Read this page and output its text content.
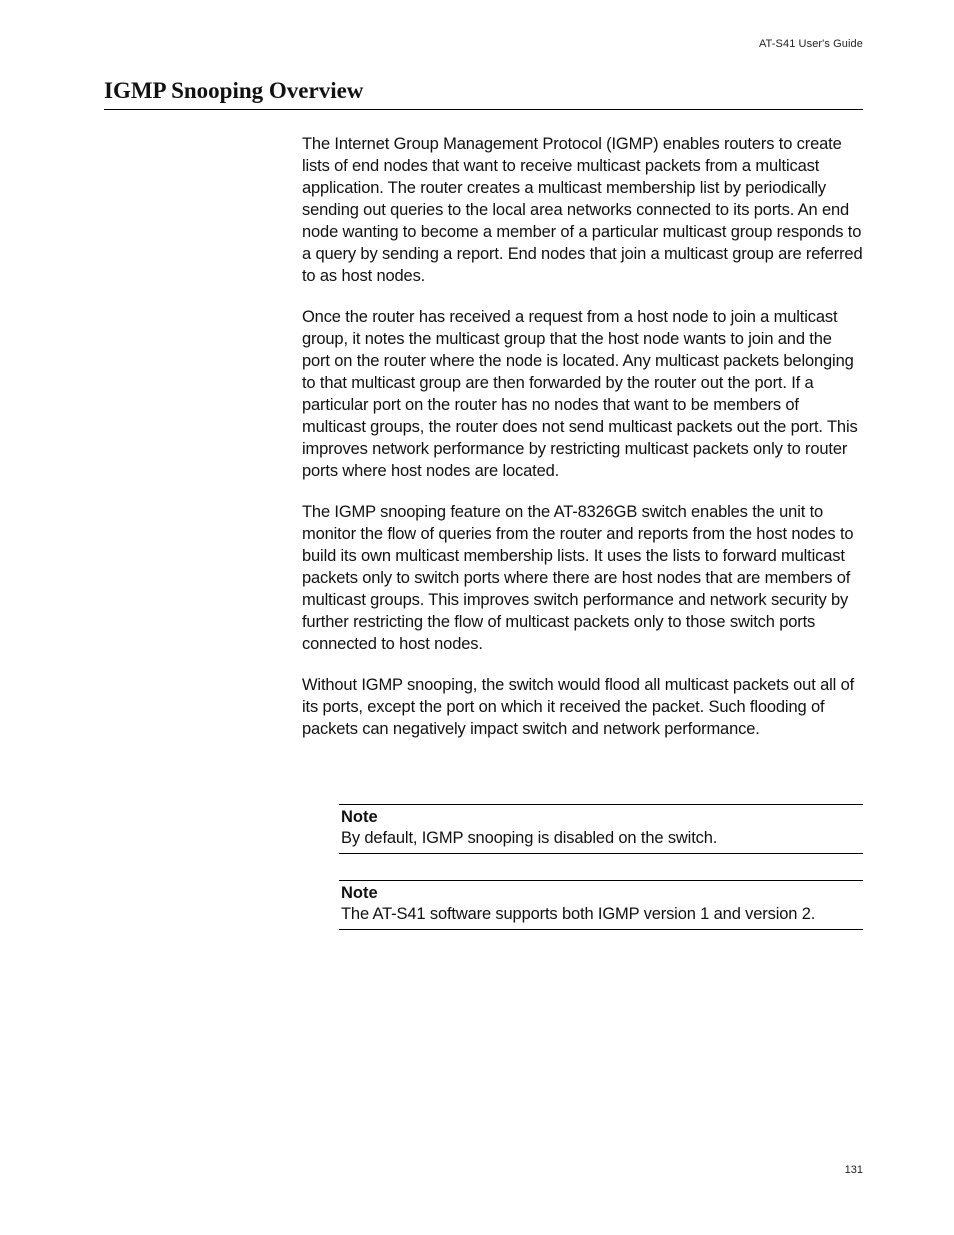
AT-S41 User's Guide
IGMP Snooping Overview

The Internet Group Management Protocol (IGMP) enables routers to create lists of end nodes that want to receive multicast packets from a multicast application. The router creates a multicast membership list by periodically sending out queries to the local area networks connected to its ports. An end node wanting to become a member of a particular multicast group responds to a query by sending a report. End nodes that join a multicast group are referred to as host nodes.

Once the router has received a request from a host node to join a multicast group, it notes the multicast group that the host node wants to join and the port on the router where the node is located. Any multicast packets belonging to that multicast group are then forwarded by the router out the port. If a particular port on the router has no nodes that want to be members of multicast groups, the router does not send multicast packets out the port. This improves network performance by restricting multicast packets only to router ports where host nodes are located.

The IGMP snooping feature on the AT-8326GB switch enables the unit to monitor the flow of queries from the router and reports from the host nodes to build its own multicast membership lists. It uses the lists to forward multicast packets only to switch ports where there are host nodes that are members of multicast groups. This improves switch performance and network security by further restricting the flow of multicast packets only to those switch ports connected to host nodes.

Without IGMP snooping, the switch would flood all multicast packets out all of its ports, except the port on which it received the packet. Such flooding of packets can negatively impact switch and network performance.

Note
By default, IGMP snooping is disabled on the switch.
Note
The AT-S41 software supports both IGMP version 1 and version 2.
131
